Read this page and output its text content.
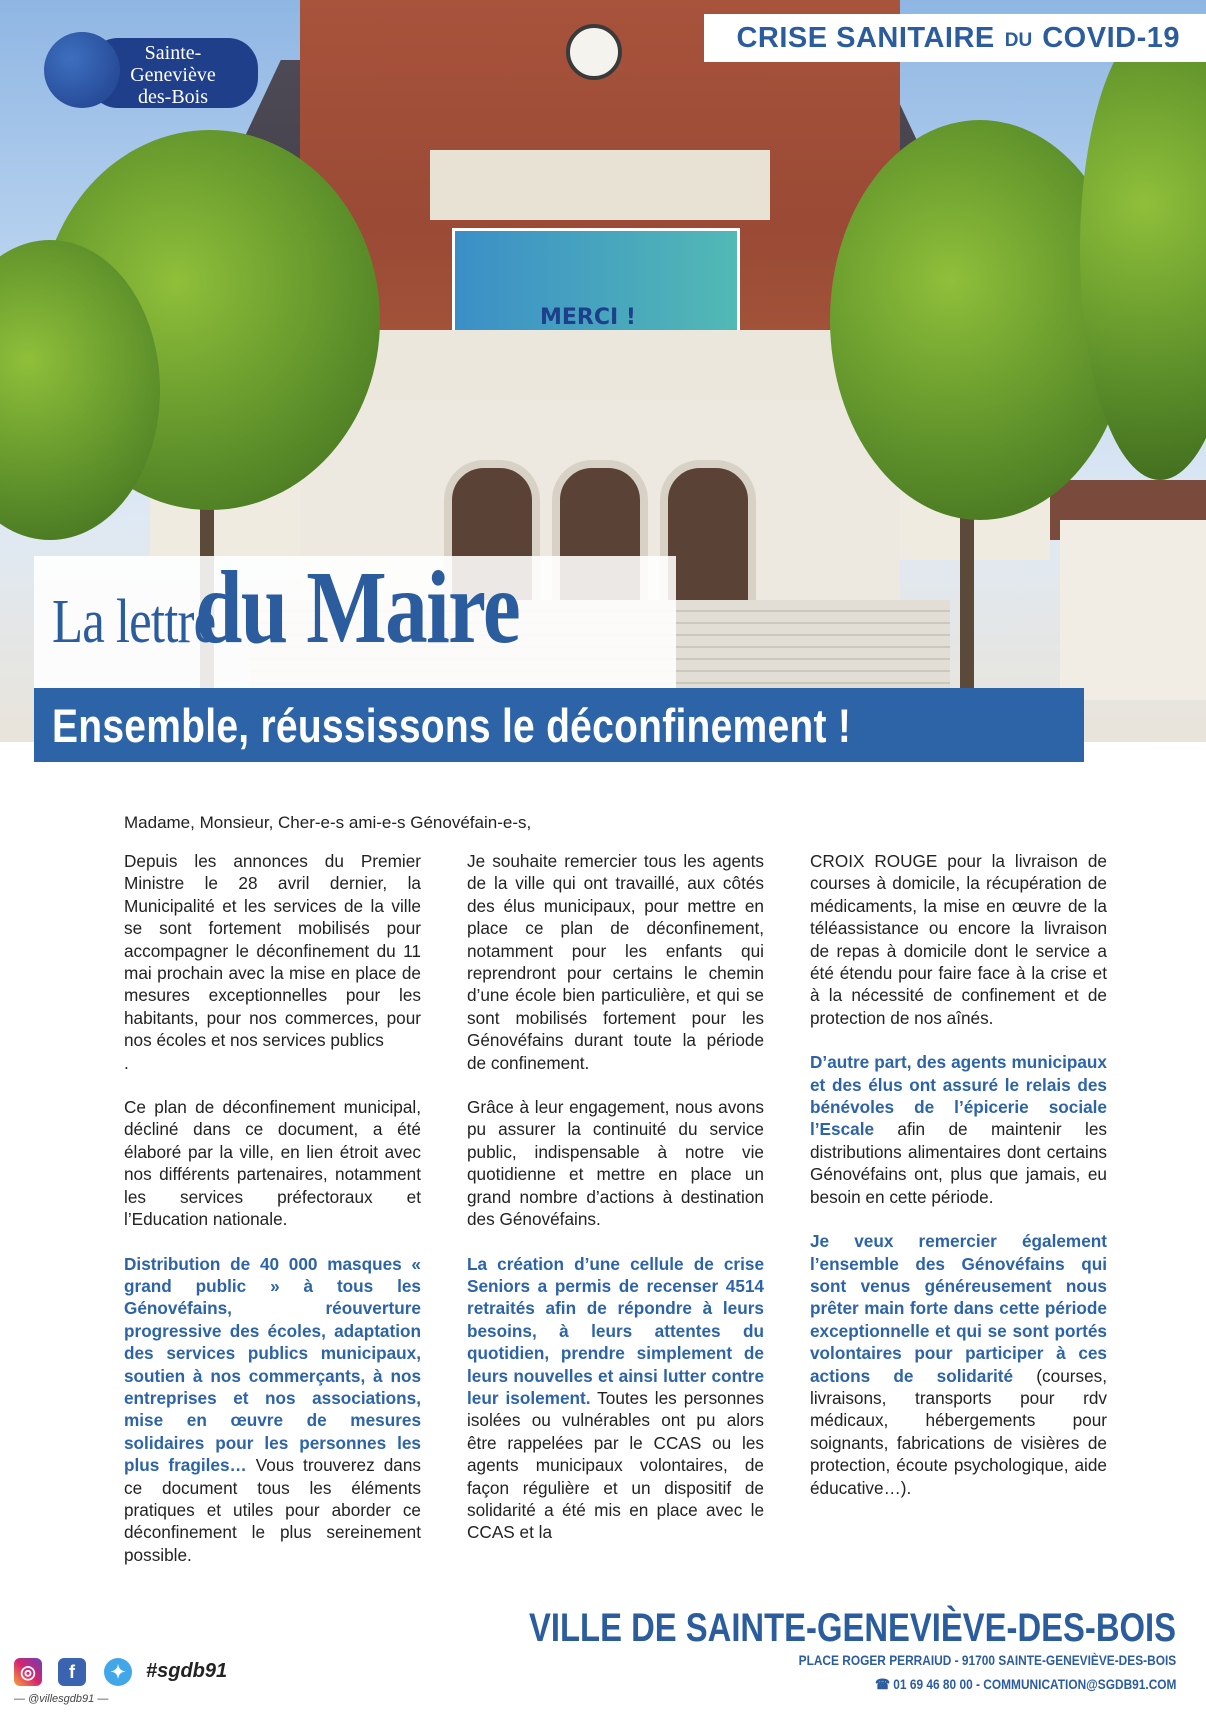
MERCI !
CRISE SANITAIRE DU COVID-19
Sainte-
Geneviève
des-Bois
La lettre du Maire
Ensemble, réussissons le déconfinement !
Madame, Monsieur, Cher-e-s ami-e-s Génovéfain-e-s,

Depuis les annonces du Premier Ministre le 28 avril dernier, la Municipalité et les services de la ville se sont fortement mobilisés pour accompagner le déconfinement du 11 mai prochain avec la mise en place de mesures exceptionnelles pour les habitants, pour nos commerces, pour nos écoles et nos services publics

.

Ce plan de déconfinement municipal, décliné dans ce document, a été élaboré par la ville, en lien étroit avec nos différents partenaires, notamment les services préfectoraux et l’Education nationale.

Distribution de 40 000 masques « grand public » à tous les Génovéfains, réouverture progressive des écoles, adaptation des services publics municipaux, soutien à nos commerçants, à nos entreprises et nos associations, mise en œuvre de mesures solidaires pour les personnes les plus fragiles… Vous trouverez dans ce document tous les éléments pratiques et utiles pour aborder ce déconfinement le plus sereinement possible.

Je souhaite remercier tous les agents de la ville qui ont travaillé, aux côtés des élus municipaux, pour mettre en place ce plan de déconfinement, notamment pour les enfants qui reprendront pour certains le chemin d’une école bien particulière, et qui se sont mobilisés fortement pour les Génovéfains durant toute la période de confinement.

Grâce à leur engagement, nous avons pu assurer la continuité du service public, indispensable à notre vie quotidienne et mettre en place un grand nombre d’actions à destination des Génovéfains.

La création d’une cellule de crise Seniors a permis de recenser 4514 retraités afin de répondre à leurs besoins, à leurs attentes du quotidien, prendre simplement de leurs nouvelles et ainsi lutter contre leur isolement. Toutes les personnes isolées ou vulnérables ont pu alors être rappelées par le CCAS ou les agents municipaux volontaires, de façon régulière et un dispositif de solidarité a été mis en place avec le CCAS et la

CROIX ROUGE pour la livraison de courses à domicile, la récupération de médicaments, la mise en œuvre de la téléassistance ou encore la livraison de repas à domicile dont le service a été étendu pour faire face à la crise et à la nécessité de confinement et de protection de nos aînés.

D’autre part, des agents municipaux et des élus ont assuré le relais des bénévoles de l’épicerie sociale l’Escale afin de maintenir les distributions alimentaires dont certains Génovéfains ont, plus que jamais, eu besoin en cette période.

Je veux remercier également l’ensemble des Génovéfains qui sont venus généreusement nous prêter main forte dans cette période exceptionnelle et qui se sont portés volontaires pour participer à ces actions de solidarité (courses, livraisons, transports pour rdv médicaux, hébergements pour soignants, fabrications de visières de protection, écoute psychologique, aide éducative…).

VILLE DE SAINTE-GENEVIÈVE-DES-BOIS
PLACE ROGER PERRAIUD - 91700 SAINTE-GENEVIÈVE-DES-BOIS
☎ 01 69 46 80 00 - COMMUNICATION@SGDB91.COM
◎	f	✦	#sgdb91
— @villesgdb91 —
